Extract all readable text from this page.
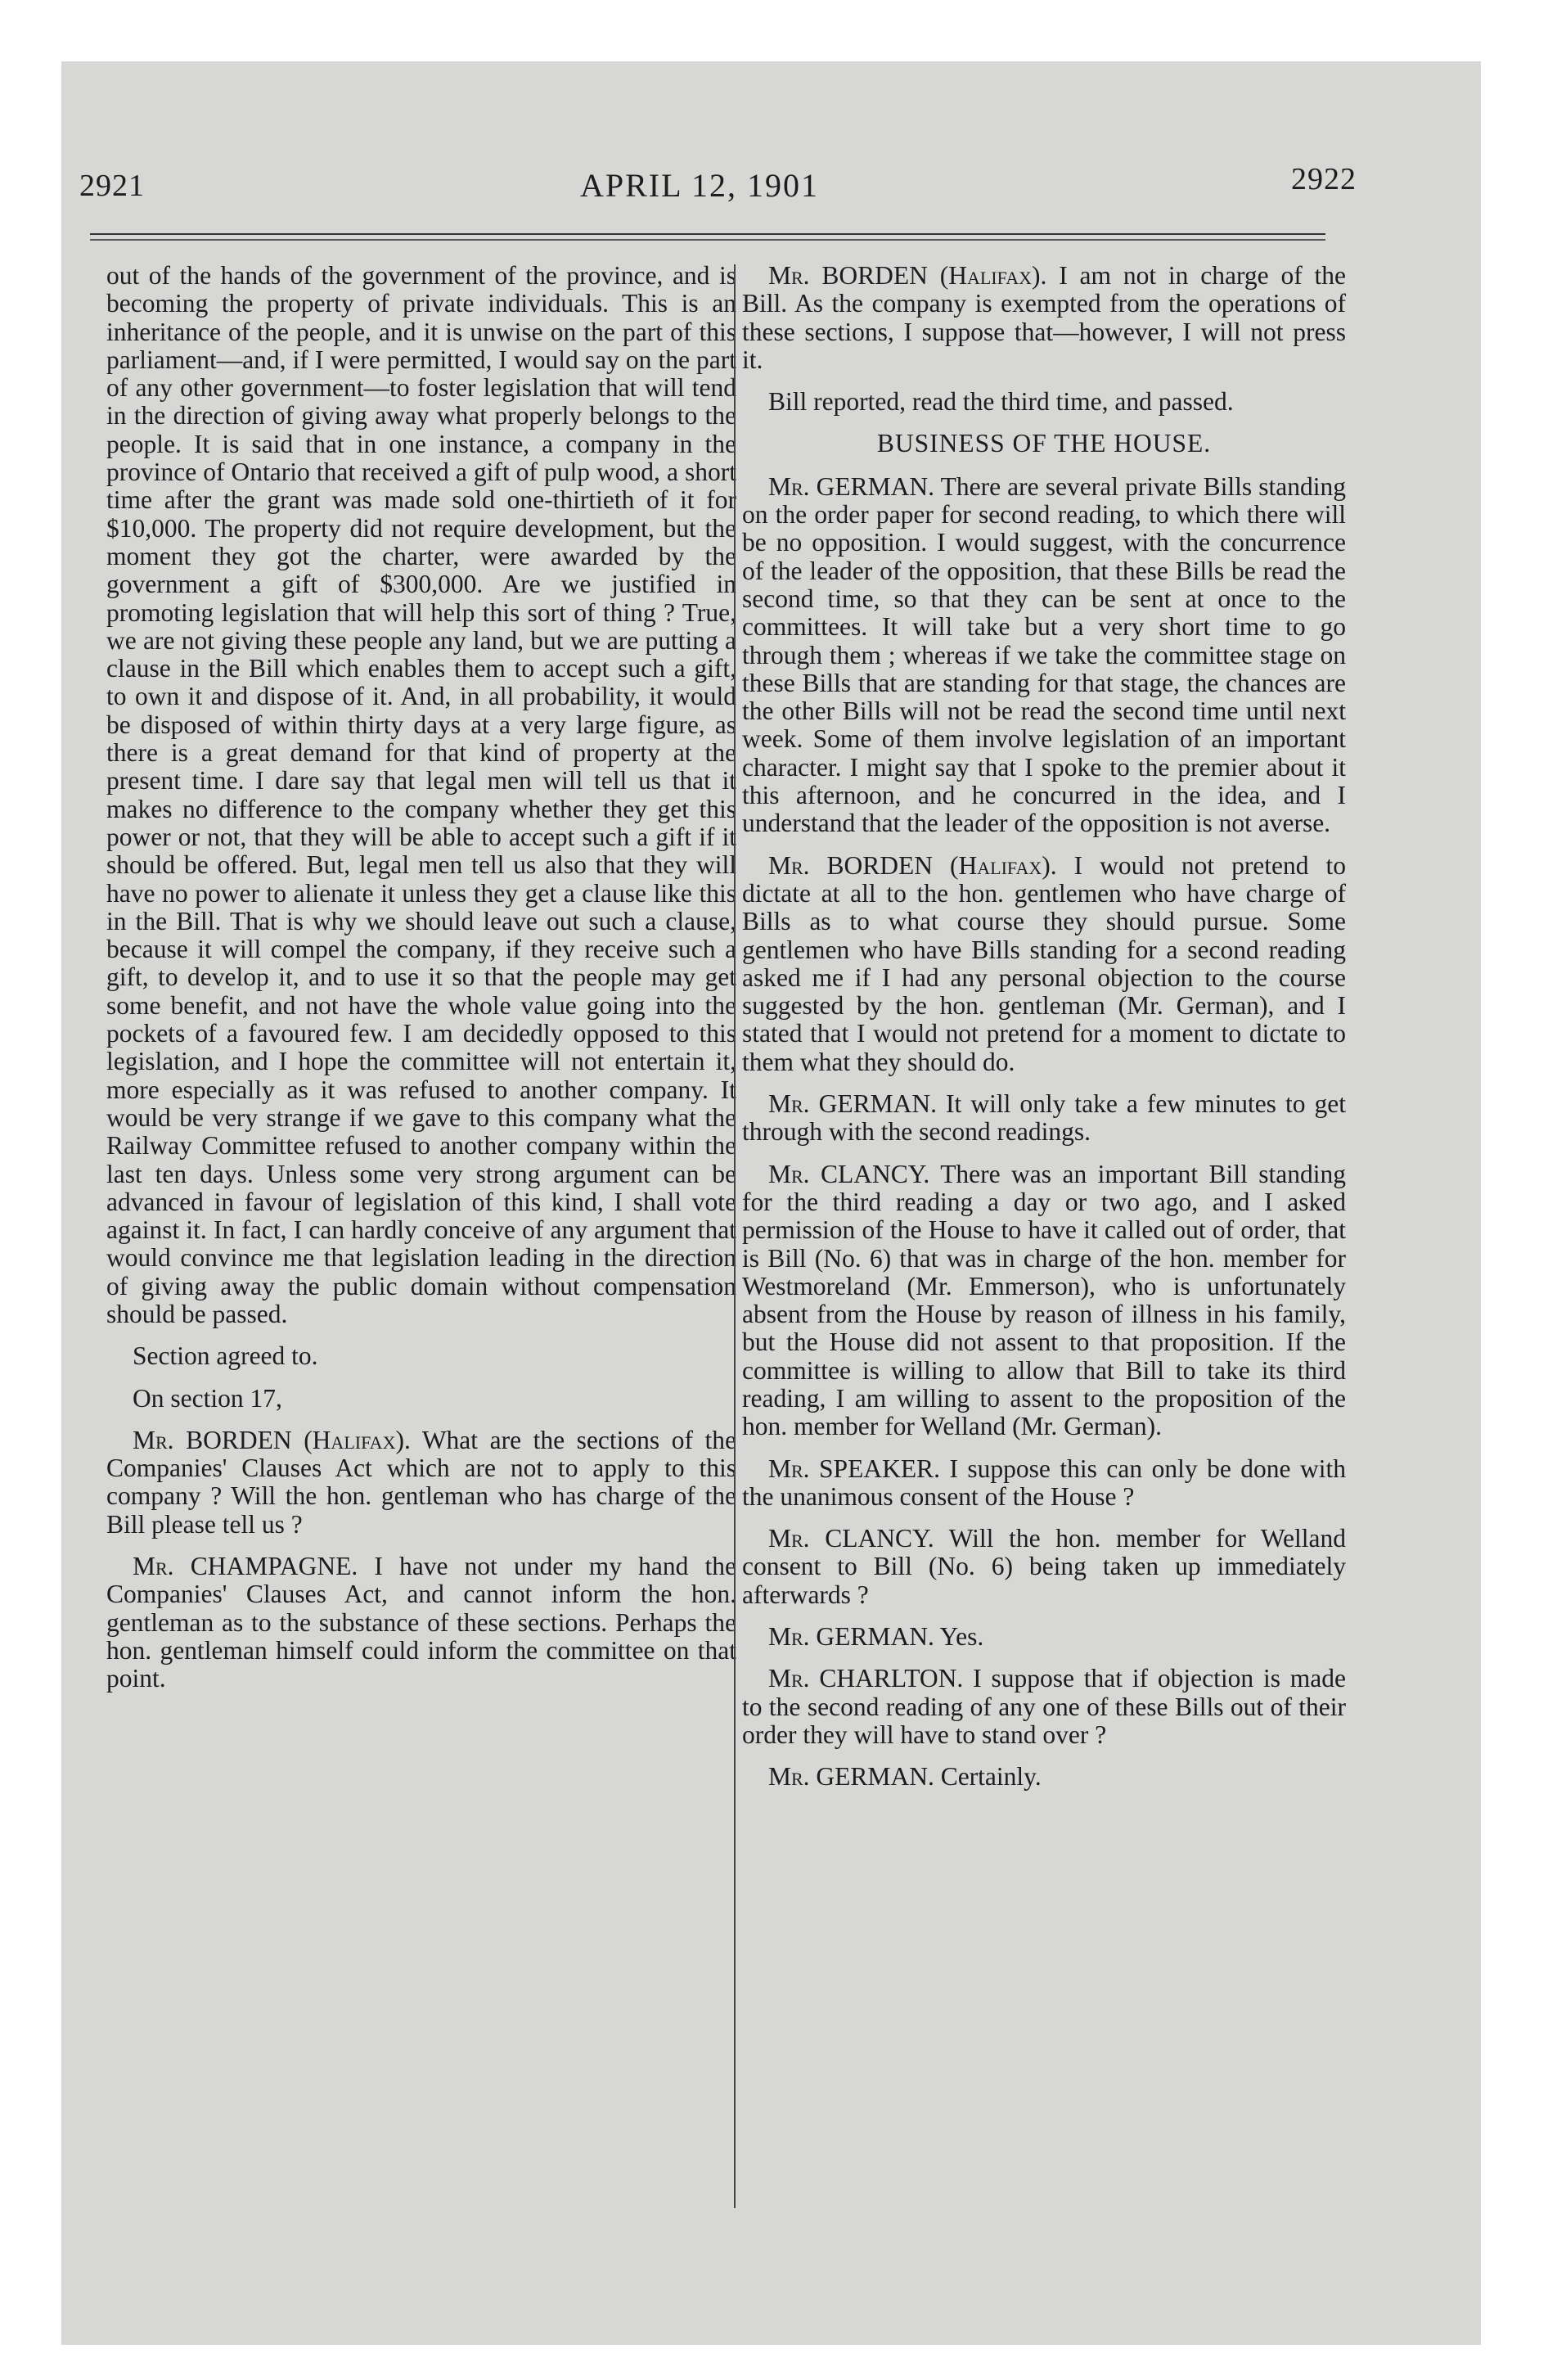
2921	APRIL 12, 1901	2922

out of the hands of the government of the province, and is becoming the property of private individuals. This is an inheritance of the people, and it is unwise on the part of this parliament—and, if I were permitted, I would say on the part of any other government—to foster legislation that will tend in the direction of giving away what properly belongs to the people. It is said that in one instance, a company in the province of Ontario that received a gift of pulp wood, a short time after the grant was made sold one-thirtieth of it for $10,000. The property did not require development, but the moment they got the charter, were awarded by the government a gift of $300,000. Are we justified in promoting legislation that will help this sort of thing ? True, we are not giving these people any land, but we are putting a clause in the Bill which enables them to accept such a gift, to own it and dispose of it. And, in all probability, it would be disposed of within thirty days at a very large figure, as there is a great demand for that kind of property at the present time. I dare say that legal men will tell us that it makes no difference to the company whether they get this power or not, that they will be able to accept such a gift if it should be offered. But, legal men tell us also that they will have no power to alienate it unless they get a clause like this in the Bill. That is why we should leave out such a clause, because it will compel the company, if they receive such a gift, to develop it, and to use it so that the people may get some benefit, and not have the whole value going into the pockets of a favoured few. I am decidedly opposed to this legislation, and I hope the committee will not entertain it, more especially as it was refused to another company. It would be very strange if we gave to this company what the Railway Committee refused to another company within the last ten days. Unless some very strong argument can be advanced in favour of legislation of this kind, I shall vote against it. In fact, I can hardly conceive of any argument that would convince me that legislation leading in the direction of giving away the public domain without compensation should be passed.

Section agreed to.

On section 17,

Mr. BORDEN (Halifax). What are the sections of the Companies' Clauses Act which are not to apply to this company ? Will the hon. gentleman who has charge of the Bill please tell us ?

Mr. CHAMPAGNE. I have not under my hand the Companies' Clauses Act, and cannot inform the hon. gentleman as to the substance of these sections. Perhaps the hon. gentleman himself could inform the committee on that point.

Mr. BORDEN (Halifax). I am not in charge of the Bill. As the company is exempted from the operations of these sections, I suppose that—however, I will not press it.

Bill reported, read the third time, and passed.

BUSINESS OF THE HOUSE.

Mr. GERMAN. There are several private Bills standing on the order paper for second reading, to which there will be no opposition. I would suggest, with the concurrence of the leader of the opposition, that these Bills be read the second time, so that they can be sent at once to the committees. It will take but a very short time to go through them ; whereas if we take the committee stage on these Bills that are standing for that stage, the chances are the other Bills will not be read the second time until next week. Some of them involve legislation of an important character. I might say that I spoke to the premier about it this afternoon, and he concurred in the idea, and I understand that the leader of the opposition is not averse.

Mr. BORDEN (Halifax). I would not pretend to dictate at all to the hon. gentlemen who have charge of Bills as to what course they should pursue. Some gentlemen who have Bills standing for a second reading asked me if I had any personal objection to the course suggested by the hon. gentleman (Mr. German), and I stated that I would not pretend for a moment to dictate to them what they should do.

Mr. GERMAN. It will only take a few minutes to get through with the second readings.

Mr. CLANCY. There was an important Bill standing for the third reading a day or two ago, and I asked permission of the House to have it called out of order, that is Bill (No. 6) that was in charge of the hon. member for Westmoreland (Mr. Emmerson), who is unfortunately absent from the House by reason of illness in his family, but the House did not assent to that proposition. If the committee is willing to allow that Bill to take its third reading, I am willing to assent to the proposition of the hon. member for Welland (Mr. German).

Mr. SPEAKER. I suppose this can only be done with the unanimous consent of the House ?

Mr. CLANCY. Will the hon. member for Welland consent to Bill (No. 6) being taken up immediately afterwards ?

Mr. GERMAN. Yes.

Mr. CHARLTON. I suppose that if objection is made to the second reading of any one of these Bills out of their order they will have to stand over ?

Mr. GERMAN. Certainly.
